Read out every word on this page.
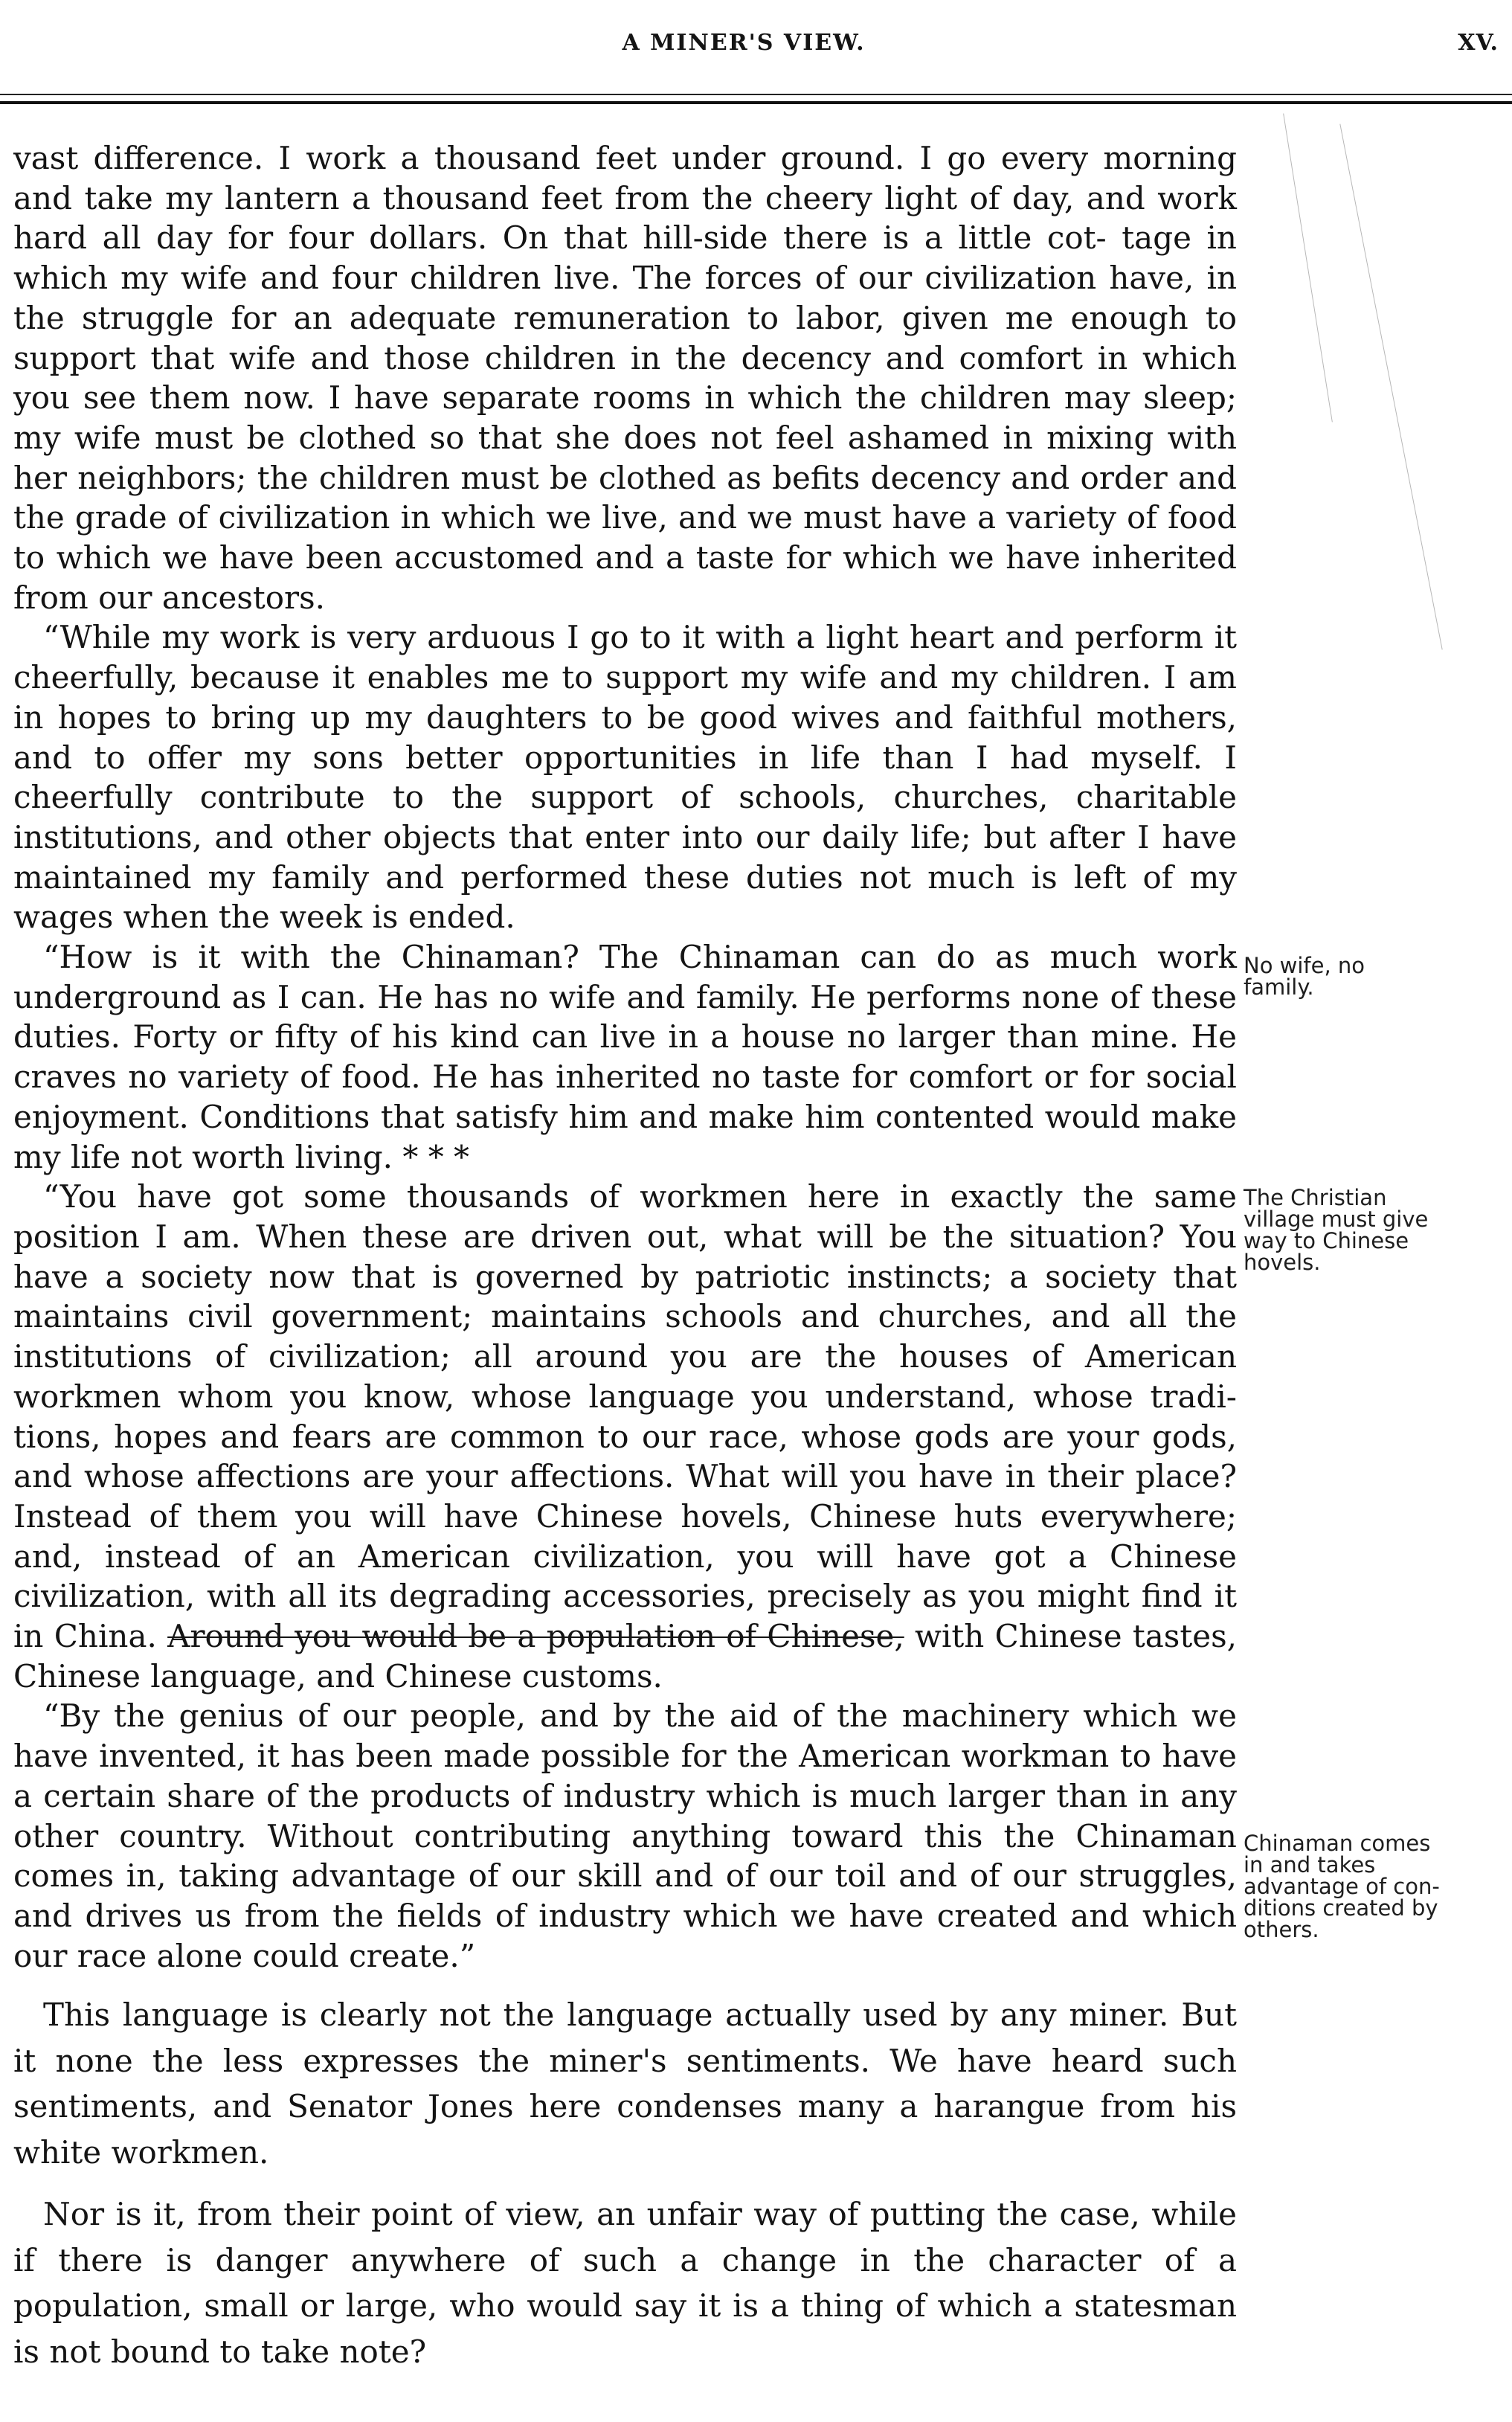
A MINER'S VIEW.	XV.

vast difference. I work a thousand feet under ground. I go every morning and take my lantern a thousand feet from the cheery light of day, and work hard all day for four dollars. On that hill-side there is a little cot- tage in which my wife and four children live. The forces of our civilization have, in the struggle for an adequate remuneration to labor, given me enough to support that wife and those children in the decency and comfort in which you see them now. I have separate rooms in which the children may sleep; my wife must be clothed so that she does not feel ashamed in mixing with her neighbors; the children must be clothed as befits decency and order and the grade of civilization in which we live, and we must have a variety of food to which we have been accustomed and a taste for which we have inherited from our ancestors.

“While my work is very arduous I go to it with a light heart and perform it cheerfully, because it enables me to support my wife and my children. I am in hopes to bring up my daughters to be good wives and faithful mothers, and to offer my sons better opportunities in life than I had myself. I cheerfully contribute to the support of schools, churches, charitable institutions, and other objects that enter into our daily life; but after I have maintained my family and performed these duties not much is left of my wages when the week is ended.

“How is it with the Chinaman? The Chinaman can do as much work underground as I can. He has no wife and family. He performs none of these duties. Forty or fifty of his kind can live in a house no larger than mine. He craves no variety of food. He has inherited no taste for comfort or for social enjoyment. Conditions that satisfy him and make him contented would make my life not worth living. * * *

“You have got some thousands of workmen here in exactly the same position I am. When these are driven out, what will be the situation? You have a society now that is governed by patriotic instincts; a society that maintains civil government; maintains schools and churches, and all the institutions of civilization; all around you are the houses of American workmen whom you know, whose language you understand, whose tradi- tions, hopes and fears are common to our race, whose gods are your gods, and whose affections are your affections. What will you have in their place? Instead of them you will have Chinese hovels, Chinese huts everywhere; and, instead of an American civilization, you will have got a Chinese civilization, with all its degrading accessories, precisely as you might find it in China. Around you would be a population of Chinese, with Chinese tastes, Chinese language, and Chinese customs.

“By the genius of our people, and by the aid of the machinery which we have invented, it has been made possible for the American workman to have a certain share of the products of industry which is much larger than in any other country. Without contributing anything toward this the Chinaman comes in, taking advantage of our skill and of our toil and of our struggles, and drives us from the fields of industry which we have created and which our race alone could create.”

This language is clearly not the language actually used by any miner. But it none the less expresses the miner's sentiments. We have heard such sentiments, and Senator Jones here condenses many a harangue from his white workmen.

Nor is it, from their point of view, an unfair way of putting the case, while if there is danger anywhere of such a change in the character of a population, small or large, who would say it is a thing of which a statesman is not bound to take note?

No wife, no
family.
The Christian
village must give
way to Chinese
hovels.
Chinaman comes
in and takes
advantage of con-
ditions created by
others.
